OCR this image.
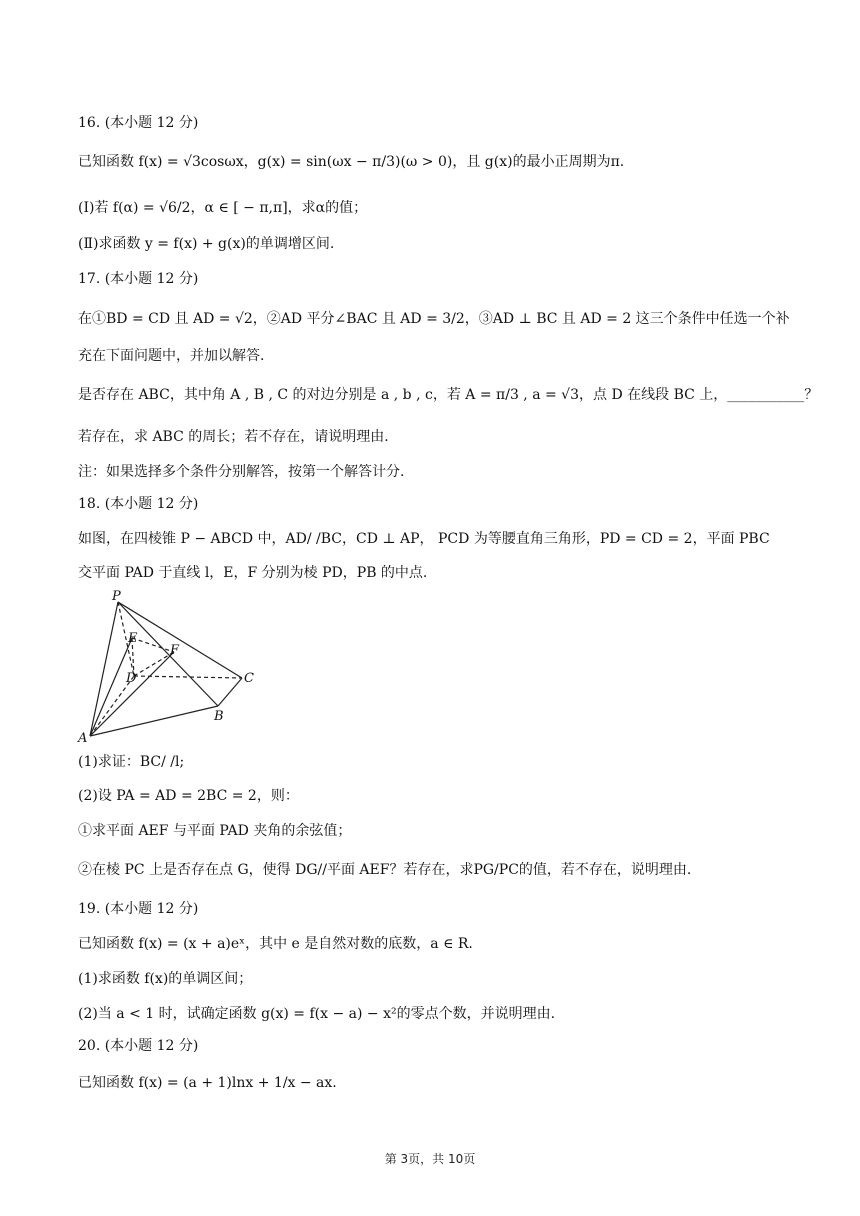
16. (本小题 12 分)
已知函数 f(x) = √3cosωx，g(x) = sin(ωx − π/3)(ω > 0)，且 g(x)的最小正周期为π.
(Ⅰ)若 f(α) = √6/2，α ∈ [ − π,π]，求α的值；
(Ⅱ)求函数 y = f(x) + g(x)的单调增区间.
17. (本小题 12 分)
在①BD = CD 且 AD = √2，②AD 平分∠BAC 且 AD = 3/2，③AD ⊥ BC 且 AD = 2 这三个条件中任选一个补
充在下面问题中，并加以解答.
是否存在 ABC，其中角 A , B , C 的对边分别是 a , b , c，若 A = π/3 , a = √3，点 D 在线段 BC 上，___________？
若存在，求 ABC 的周长；若不存在，请说明理由.
注：如果选择多个条件分别解答，按第一个解答计分.
18. (本小题 12 分)
如图，在四棱锥 P − ABCD 中，AD/ /BC，CD ⊥ AP， PCD 为等腰直角三角形，PD = CD = 2，平面 PBC
交平面 PAD 于直线 l，E，F 分别为棱 PD，PB 的中点.
P
E
F
D	C
B
A
(1)求证：BC/ /l;
(2)设 PA = AD = 2BC = 2，则：
①求平面 AEF 与平面 PAD 夹角的余弦值；
②在棱 PC 上是否存在点 G，使得 DG//平面 AEF？若存在，求PG/PC的值，若不存在，说明理由.
19. (本小题 12 分)
已知函数 f(x) = (x + a)eˣ，其中 e 是自然对数的底数，a ∈ R.
(1)求函数 f(x)的单调区间；
(2)当 a < 1 时，试确定函数 g(x) = f(x − a) − x²的零点个数，并说明理由.
20. (本小题 12 分)
已知函数 f(x) = (a + 1)lnx + 1/x − ax.
第 3页，共 10页
